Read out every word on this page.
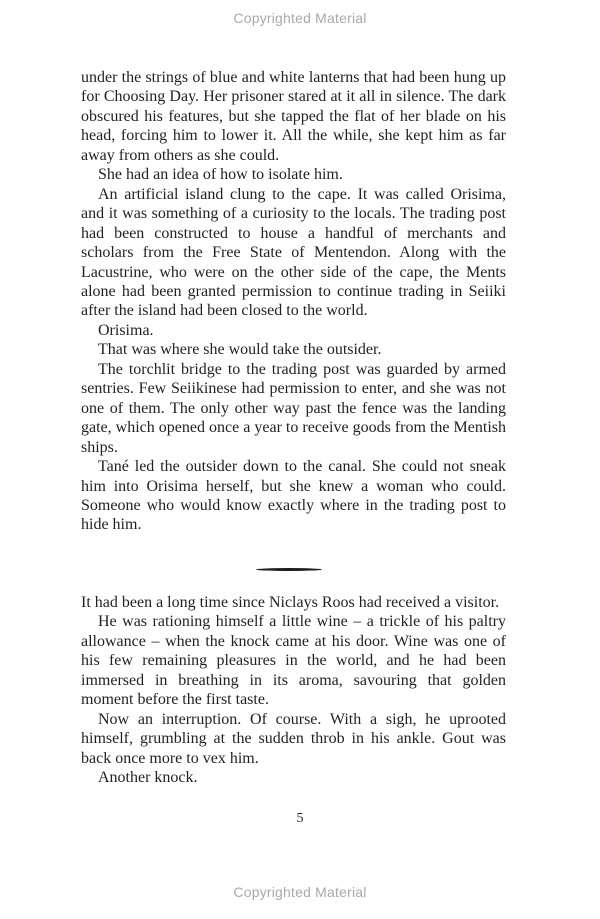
Copyrighted Material

under the strings of blue and white lanterns that had been hung up for Choosing Day. Her prisoner stared at it all in silence. The dark obscured his features, but she tapped the flat of her blade on his head, forcing him to lower it. All the while, she kept him as far away from others as she could.

She had an idea of how to isolate him.

An artificial island clung to the cape. It was called Orisima, and it was something of a curiosity to the locals. The trading post had been constructed to house a handful of merchants and scholars from the Free State of Mentendon. Along with the Lacustrine, who were on the other side of the cape, the Ments alone had been granted permission to continue trading in Seiiki after the island had been closed to the world.

Orisima.

That was where she would take the outsider.

The torchlit bridge to the trading post was guarded by armed sentries. Few Seiikinese had permission to enter, and she was not one of them. The only other way past the fence was the landing gate, which opened once a year to receive goods from the Mentish ships.

Tané led the outsider down to the canal. She could not sneak him into Orisima herself, but she knew a woman who could. Someone who would know exactly where in the trading post to hide him.

It had been a long time since Niclays Roos had received a visitor.

He was rationing himself a little wine – a trickle of his paltry allowance – when the knock came at his door. Wine was one of his few remaining pleasures in the world, and he had been immersed in breathing in its aroma, savouring that golden moment before the first taste.

Now an interruption. Of course. With a sigh, he uprooted himself, grumbling at the sudden throb in his ankle. Gout was back once more to vex him.

Another knock.

5
Copyrighted Material
